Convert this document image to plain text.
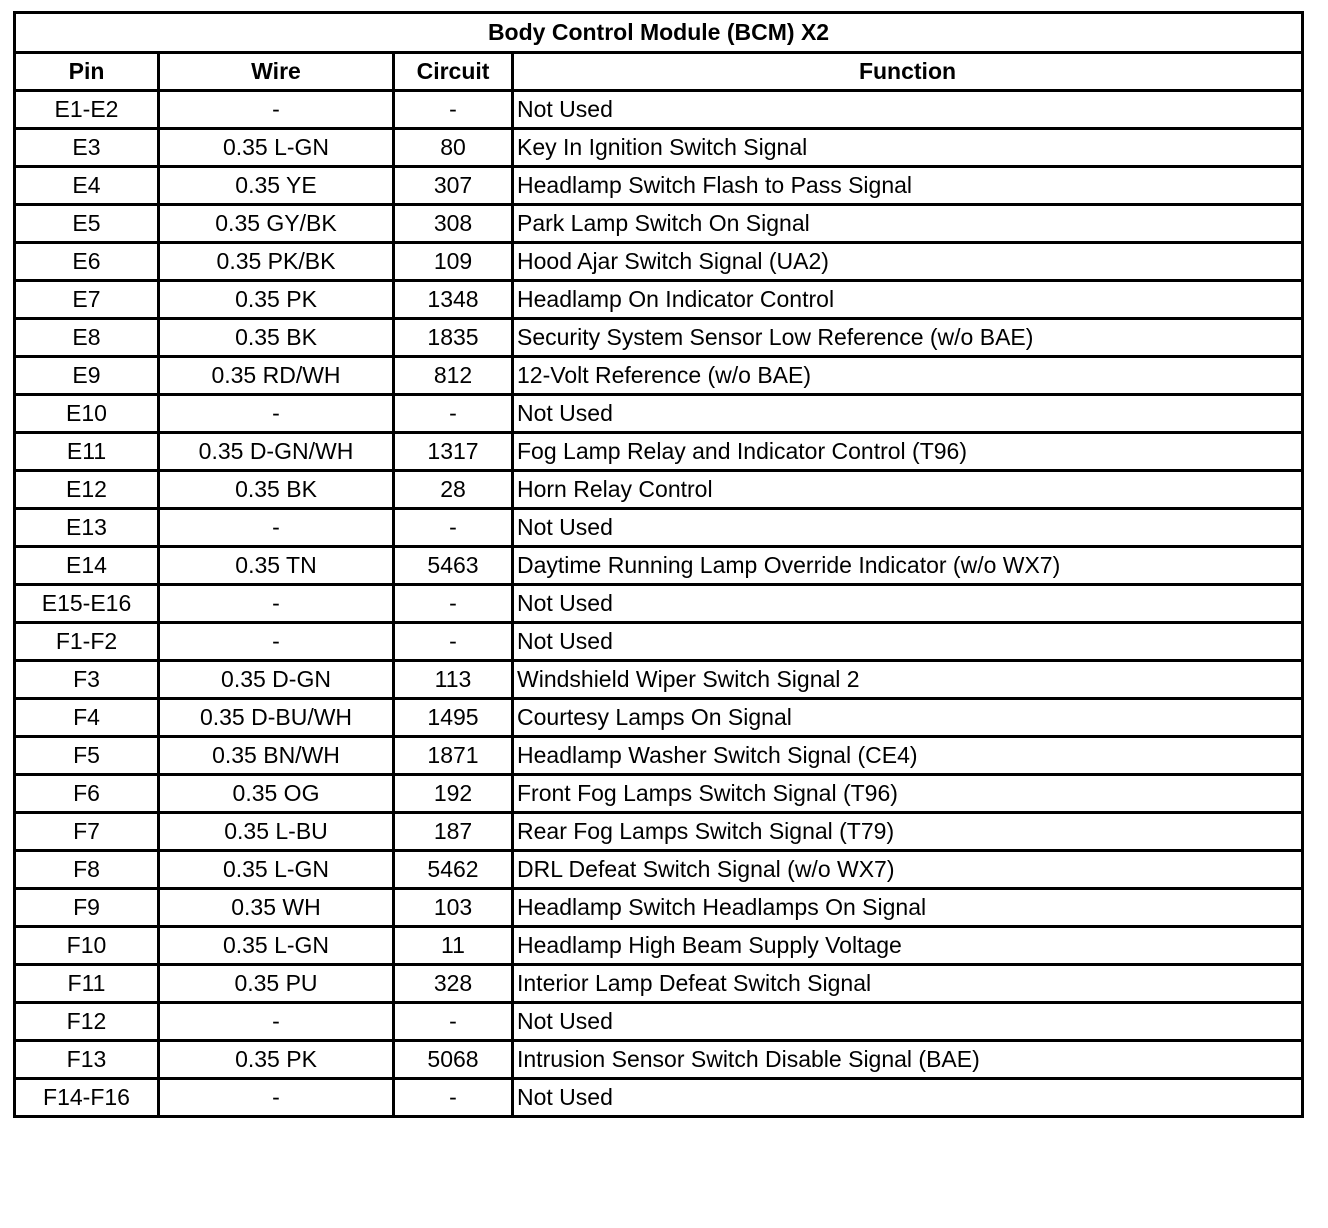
Body Control Module (BCM) X2			
Pin	Wire	Circuit	Function
E1-E2	-	-	Not Used
E3	0.35 L-GN	80	Key In Ignition Switch Signal
E4	0.35 YE	307	Headlamp Switch Flash to Pass Signal
E5	0.35 GY/BK	308	Park Lamp Switch On Signal
E6	0.35 PK/BK	109	Hood Ajar Switch Signal (UA2)
E7	0.35 PK	1348	Headlamp On Indicator Control
E8	0.35 BK	1835	Security System Sensor Low Reference (w/o BAE)
E9	0.35 RD/WH	812	12-Volt Reference (w/o BAE)
E10	-	-	Not Used
E11	0.35 D-GN/WH	1317	Fog Lamp Relay and Indicator Control (T96)
E12	0.35 BK	28	Horn Relay Control
E13	-	-	Not Used
E14	0.35 TN	5463	Daytime Running Lamp Override Indicator (w/o WX7)
E15-E16	-	-	Not Used
F1-F2	-	-	Not Used
F3	0.35 D-GN	113	Windshield Wiper Switch Signal 2
F4	0.35 D-BU/WH	1495	Courtesy Lamps On Signal
F5	0.35 BN/WH	1871	Headlamp Washer Switch Signal (CE4)
F6	0.35 OG	192	Front Fog Lamps Switch Signal (T96)
F7	0.35 L-BU	187	Rear Fog Lamps Switch Signal (T79)
F8	0.35 L-GN	5462	DRL Defeat Switch Signal (w/o WX7)
F9	0.35 WH	103	Headlamp Switch Headlamps On Signal
F10	0.35 L-GN	11	Headlamp High Beam Supply Voltage
F11	0.35 PU	328	Interior Lamp Defeat Switch Signal
F12	-	-	Not Used
F13	0.35 PK	5068	Intrusion Sensor Switch Disable Signal (BAE)
F14-F16	-	-	Not Used
